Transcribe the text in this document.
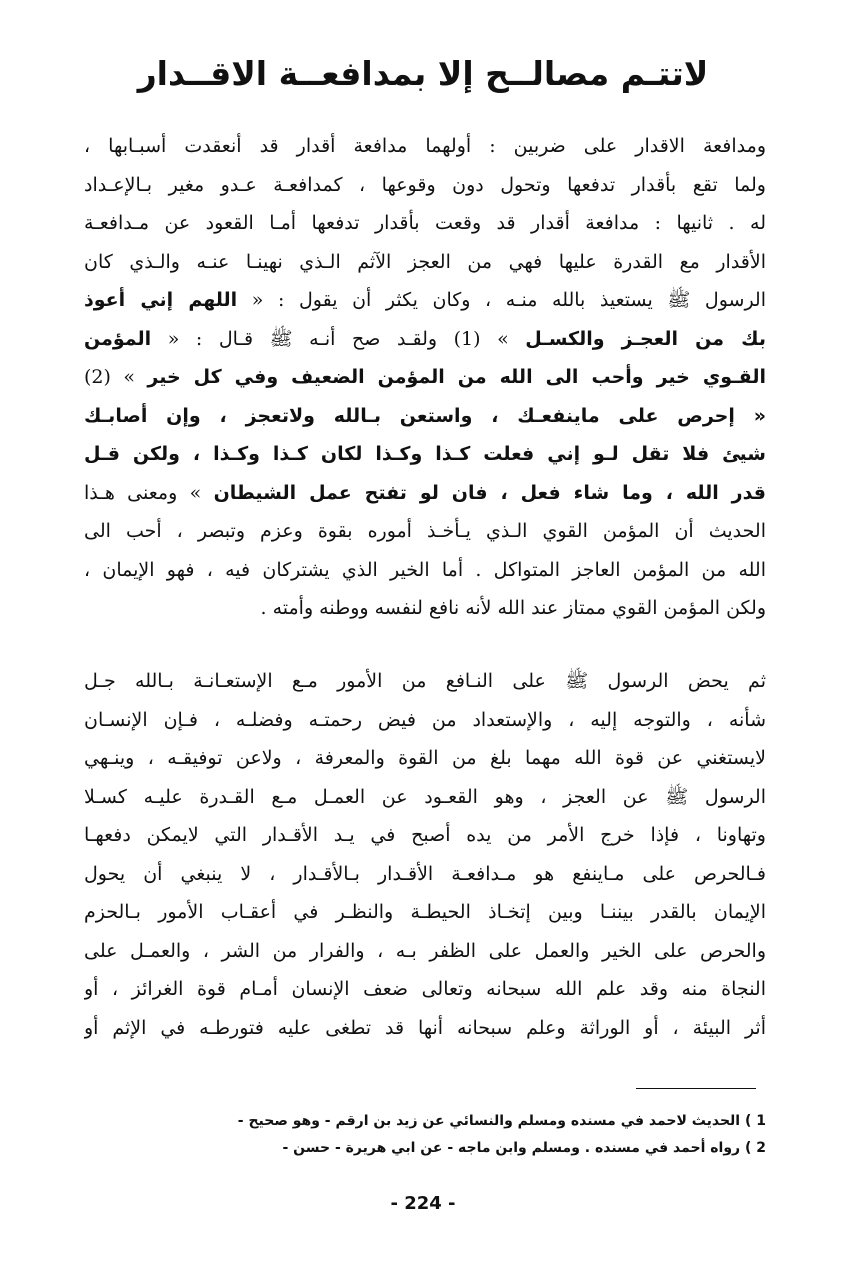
لاتتـم مصالــح إلا بمدافعــة الاقــدار
ومدافعة الاقدار على ضربين : أولهما مدافعة أقدار قد أنعقدت أسبـابها ،
ولما تقع بأقدار تدفعها وتحول دون وقوعها ، كمدافعـة عـدو مغير بـالإعـداد
له . ثانيها : مدافعة أقدار قد وقعت بأقدار تدفعها أمـا القعود عن مـدافعـة
الأقدار مع القدرة عليها فهي من العجز الآثم الـذي نهينـا عنـه والـذي كان
الرسول ﷺ يستعيذ بالله منـه ، وكان يكثر أن يقول : « اللهم إني أعوذ
بك من العجـز والكسـل » (1) ولقـد صح أنـه ﷺ قـال : « المؤمن
القـوي خير وأحب الى الله من المؤمن الضعيف وفي كل خير » (2)
« إحرص على ماينفعـك ، واستعن بـالله ولاتعجز ، وإن أصابـك
شيئ فلا تقل لـو إني فعلت كـذا وكـذا لكان كـذا وكـذا ، ولكن قـل
قدر الله ، وما شاء فعل ، فان لو تفتح عمل الشيطان » ومعنى هـذا
الحديث أن المؤمن القوي الـذي يـأخـذ أموره بقوة وعزم وتبصر ، أحب الى
الله من المؤمن العاجز المتواكل . أما الخير الذي يشتركان فيه ، فهو الإيمان ،
ولكن المؤمن القوي ممتاز عند الله لأنه نافع لنفسه ووطنه وأمته .
ثم يحض الرسول ﷺ على النـافع من الأمور مـع الإستعـانـة بـالله جـل
شأنه ، والتوجه إليه ، والإستعداد من فيض رحمتـه وفضلـه ، فـإن الإنسـان
لايستغني عن قوة الله مهما بلغ من القوة والمعرفة ، ولاعن توفيقـه ، وينـهي
الرسول ﷺ عن العجز ، وهو القعـود عن العمـل مـع القـدرة عليـه كسـلا
وتهاونا ، فإذا خرج الأمر من يده أصبح في يـد الأقـدار التي لايمكن دفعهـا
فـالحرص على مـاينفع هو مـدافعـة الأقـدار بـالأقـدار ، لا ينبغي أن يحول
الإيمان بالقدر بيننـا وبين إتخـاذ الحيطـة والنظـر في أعقـاب الأمور بـالحزم
والحرص على الخير والعمل على الظفر بـه ، والفرار من الشر ، والعمـل على
النجاة منه وقد علم الله سبحانه وتعالى ضعف الإنسان أمـام قوة الغرائز ، أو
أثر البيئة ، أو الوراثة وعلم سبحانه أنها قد تطغى عليه فتورطـه في الإثم أو
1 ) الحديث لاحمد في مسنده ومسلم والنسائي عن زيد بن ارقم - وهو صحيح -
2 ) رواه أحمد في مسنده . ومسلم وابن ماجه - عن ابي هريرة - حسن -
- 224 -
